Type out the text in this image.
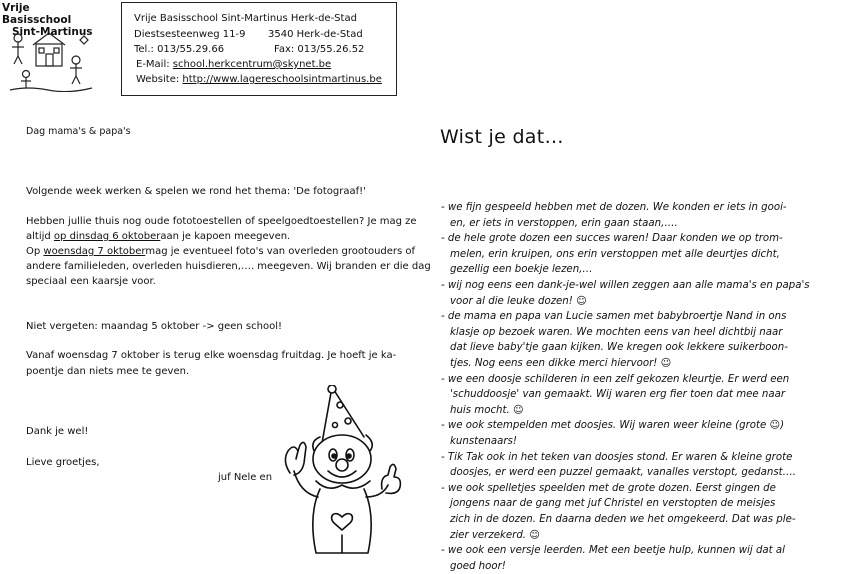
Vrije Basisschool
Sint-Martinus
Vrije Basisschool Sint-Martinus Herk-de-Stad
Diestsesteenweg 11-9 3540 Herk-de-Stad
Tel.: 013/55.29.66	Fax: 013/55.26.52
E-Mail: school.herkcentrum@skynet.be
Website: http://www.lagereschoolsintmartinus.be
Dag mama's & papa's
Volgende week werken & spelen we rond het thema: 'De fotograaf!'
Hebben jullie thuis nog oude fototoestellen of speelgoedtoestellen? Je mag ze
altijd op dinsdag 6 oktoberaan je kapoen meegeven.
Op woensdag 7 oktobermag je eventueel foto's van overleden grootouders of
andere familieleden, overleden huisdieren,…. meegeven. Wij branden er die dag
speciaal een kaarsje voor.
Niet vergeten: maandag 5 oktober -> geen school!
Vanaf woensdag 7 oktober is terug elke woensdag fruitdag. Je hoeft je ka-
poentje dan niets mee te geven.
Dank je wel!
Lieve groetjes,
juf Nele en
Wist je dat…
- we fijn gespeeld hebben met de dozen. We konden er iets in gooi-
en, er iets in verstoppen, erin gaan staan,….
- de hele grote dozen een succes waren! Daar konden we op trom-
melen, erin kruipen, ons erin verstoppen met alle deurtjes dicht,
gezellig een boekje lezen,…
- wij nog eens een dank-je-wel willen zeggen aan alle mama's en papa's
voor al die leuke dozen! ☺
- de mama en papa van Lucie samen met babybroertje Nand in ons
klasje op bezoek waren. We mochten eens van heel dichtbij naar
dat lieve baby'tje gaan kijken. We kregen ook lekkere suikerboon-
tjes. Nog eens een dikke merci hiervoor! ☺
- we een doosje schilderen in een zelf gekozen kleurtje. Er werd een
'schuddoosje' van gemaakt. Wij waren erg fier toen dat mee naar
huis mocht. ☺
- we ook stempelden met doosjes. Wij waren weer kleine (grote ☺)
kunstenaars!
- Tik Tak ook in het teken van doosjes stond. Er waren & kleine grote
doosjes, er werd een puzzel gemaakt, vanalles verstopt, gedanst….
- we ook spelletjes speelden met de grote dozen. Eerst gingen de
jongens naar de gang met juf Christel en verstopten de meisjes
zich in de dozen. En daarna deden we het omgekeerd. Dat was ple-
zier verzekerd. ☺
- we ook een versje leerden. Met een beetje hulp, kunnen wij dat al
goed hoor!
